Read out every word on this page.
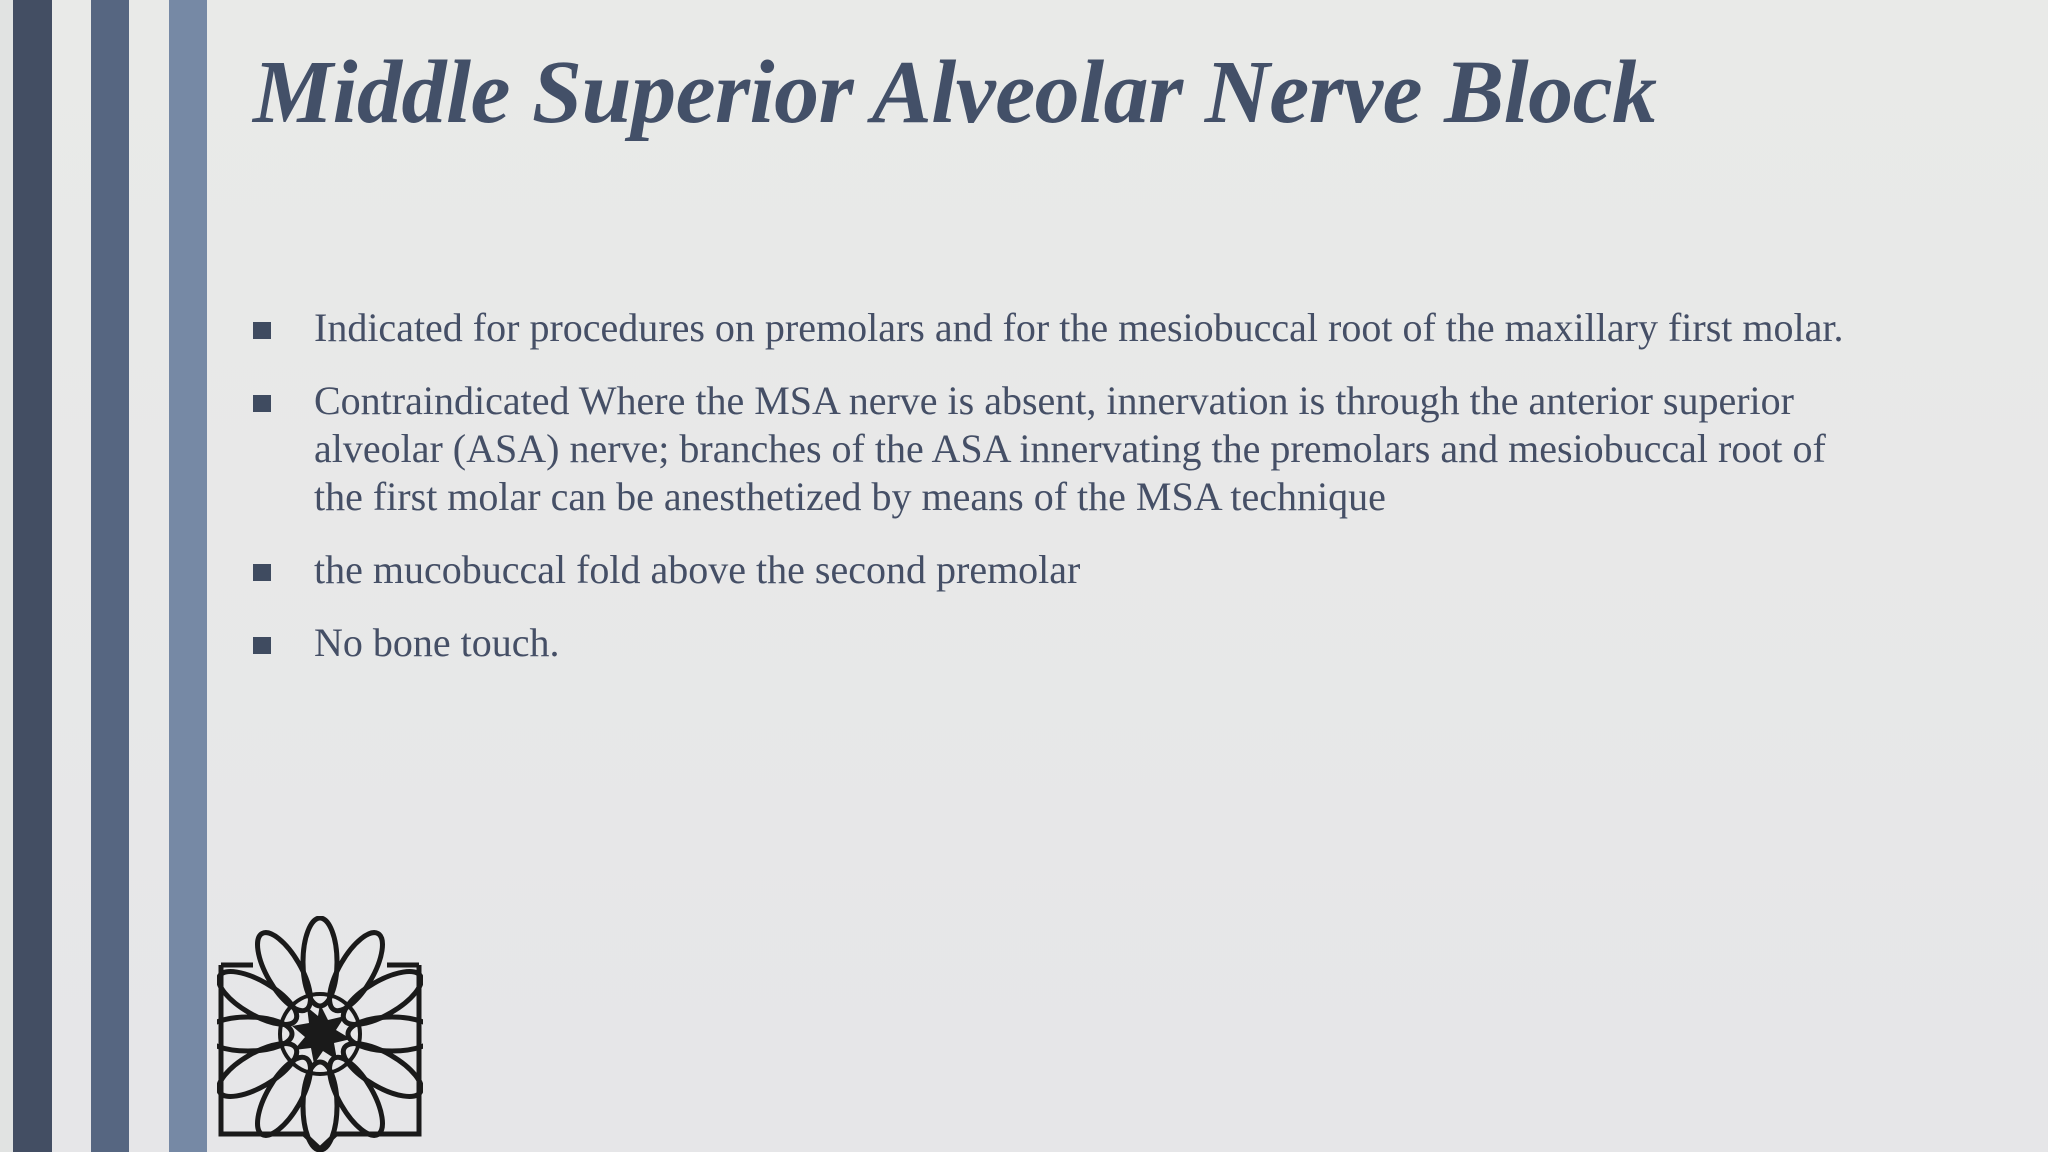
Middle Superior Alveolar Nerve Block
Indicated for procedures on premolars and for the mesiobuccal root of the maxillary first molar.
Contraindicated Where the MSA nerve is absent, innervation is through the anterior superior alveolar (ASA) nerve; branches of the ASA innervating the premolars and mesiobuccal root of the first molar can be anesthetized by means of the MSA technique
the mucobuccal fold above the second premolar
No bone touch.
